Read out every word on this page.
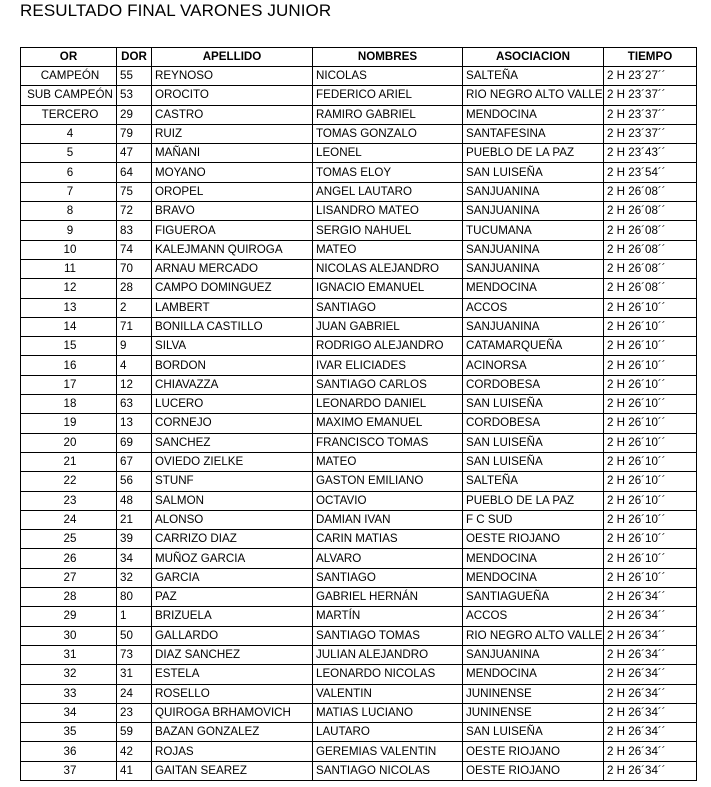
RESULTADO FINAL VARONES JUNIOR
OR	DOR	APELLIDO	NOMBRES	ASOCIACION	TIEMPO
CAMPEÓN	55	REYNOSO	NICOLAS	SALTEÑA	2 H 23´27´´
SUB CAMPEÓN	53	OROCITO	FEDERICO ARIEL	RIO NEGRO ALTO VALLE	2 H 23´37´´
TERCERO	29	CASTRO	RAMIRO GABRIEL	MENDOCINA	2 H 23´37´´
4	79	RUIZ	TOMAS GONZALO	SANTAFESINA	2 H 23´37´´
5	47	MAÑANI	LEONEL	PUEBLO DE LA PAZ	2 H 23´43´´
6	64	MOYANO	TOMAS ELOY	SAN LUISEÑA	2 H 23´54´´
7	75	OROPEL	ANGEL LAUTARO	SANJUANINA	2 H 26´08´´
8	72	BRAVO	LISANDRO MATEO	SANJUANINA	2 H 26´08´´
9	83	FIGUEROA	SERGIO NAHUEL	TUCUMANA	2 H 26´08´´
10	74	KALEJMANN QUIROGA	MATEO	SANJUANINA	2 H 26´08´´
11	70	ARNAU MERCADO	NICOLAS ALEJANDRO	SANJUANINA	2 H 26´08´´
12	28	CAMPO DOMINGUEZ	IGNACIO EMANUEL	MENDOCINA	2 H 26´08´´
13	2	LAMBERT	SANTIAGO	ACCOS	2 H 26´10´´
14	71	BONILLA CASTILLO	JUAN GABRIEL	SANJUANINA	2 H 26´10´´
15	9	SILVA	RODRIGO ALEJANDRO	CATAMARQUEÑA	2 H 26´10´´
16	4	BORDON	IVAR ELICIADES	ACINORSA	2 H 26´10´´
17	12	CHIAVAZZA	SANTIAGO CARLOS	CORDOBESA	2 H 26´10´´
18	63	LUCERO	LEONARDO DANIEL	SAN LUISEÑA	2 H 26´10´´
19	13	CORNEJO	MAXIMO EMANUEL	CORDOBESA	2 H 26´10´´
20	69	SANCHEZ	FRANCISCO TOMAS	SAN LUISEÑA	2 H 26´10´´
21	67	OVIEDO ZIELKE	MATEO	SAN LUISEÑA	2 H 26´10´´
22	56	STUNF	GASTON EMILIANO	SALTEÑA	2 H 26´10´´
23	48	SALMON	OCTAVIO	PUEBLO DE LA PAZ	2 H 26´10´´
24	21	ALONSO	DAMIAN IVAN	F C SUD	2 H 26´10´´
25	39	CARRIZO DIAZ	CARIN MATIAS	OESTE RIOJANO	2 H 26´10´´
26	34	MUÑOZ GARCIA	ALVARO	MENDOCINA	2 H 26´10´´
27	32	GARCIA	SANTIAGO	MENDOCINA	2 H 26´10´´
28	80	PAZ	GABRIEL HERNÁN	SANTIAGUEÑA	2 H 26´34´´
29	1	BRIZUELA	MARTÍN	ACCOS	2 H 26´34´´
30	50	GALLARDO	SANTIAGO TOMAS	RIO NEGRO ALTO VALLE	2 H 26´34´´
31	73	DIAZ SANCHEZ	JULIAN ALEJANDRO	SANJUANINA	2 H 26´34´´
32	31	ESTELA	LEONARDO NICOLAS	MENDOCINA	2 H 26´34´´
33	24	ROSELLO	VALENTIN	JUNINENSE	2 H 26´34´´
34	23	QUIROGA BRHAMOVICH	MATIAS LUCIANO	JUNINENSE	2 H 26´34´´
35	59	BAZAN GONZALEZ	LAUTARO	SAN LUISEÑA	2 H 26´34´´
36	42	ROJAS	GEREMIAS VALENTIN	OESTE RIOJANO	2 H 26´34´´
37	41	GAITAN SEAREZ	SANTIAGO NICOLAS	OESTE RIOJANO	2 H 26´34´´
